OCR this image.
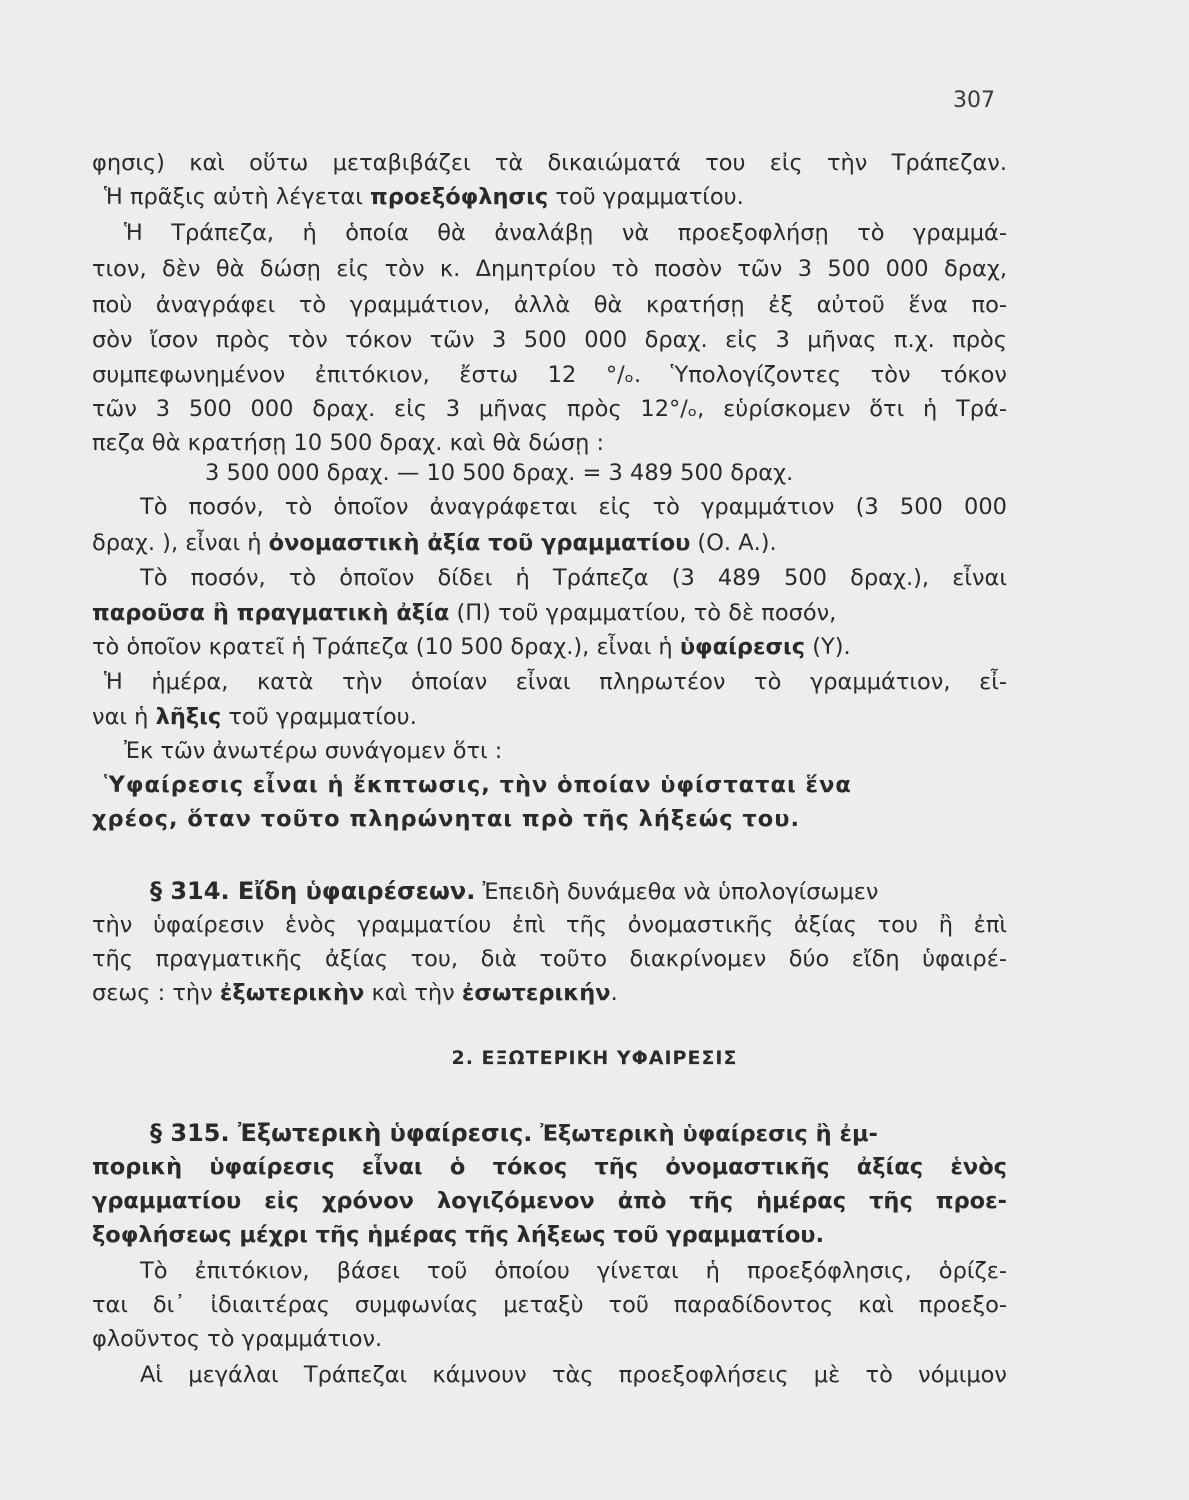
307
φησις) καὶ οὕτω μεταβιβάζει τὰ δικαιώματά του εἰς τὴν Τράπεζαν.
Ἡ πρᾶξις αὐτὴ λέγεται προεξόφλησις τοῦ γραμματίου.
Ἡ Τράπεζα, ἡ ὁποία θὰ ἀναλάβῃ νὰ προεξοφλήσῃ τὸ γραμμά-
τιον, δὲν θὰ δώσῃ εἰς τὸν κ. Δημητρίου τὸ ποσὸν τῶν 3 500 000 δραχ,
ποὺ ἀναγράφει τὸ γραμμάτιον, ἀλλὰ θὰ κρατήσῃ ἐξ αὐτοῦ ἕνα πο-
σὸν ἴσον πρὸς τὸν τόκον τῶν 3 500 000 δραχ. εἰς 3 μῆνας π.χ. πρὸς
συμπεφωνημένον ἐπιτόκιον, ἔστω 12 °/ₒ. Ὑπολογίζοντες τὸν τόκον
τῶν 3 500 000 δραχ. εἰς 3 μῆνας πρὸς 12°/ₒ, εὑρίσκομεν ὅτι ἡ Τρά-
πεζα θὰ κρατήσῃ 10 500 δραχ. καὶ θὰ δώσῃ :
3 500 000 δραχ. — 10 500 δραχ. = 3 489 500 δραχ.
Τὸ ποσόν, τὸ ὁποῖον ἀναγράφεται εἰς τὸ γραμμάτιον (3 500 000
δραχ. ), εἶναι ἡ ὀνομαστικὴ ἀξία τοῦ γραμματίου (Ο. Α.).
Τὸ ποσόν, τὸ ὁποῖον δίδει ἡ Τράπεζα (3 489 500 δραχ.), εἶναι
παροῦσα ἢ πραγματικὴ ἀξία (Π) τοῦ γραμματίου, τὸ δὲ ποσόν,
τὸ ὁποῖον κρατεῖ ἡ Τράπεζα (10 500 δραχ.), εἶναι ἡ ὑφαίρεσις (Υ).
Ἡ ἡμέρα, κατὰ τὴν ὁποίαν εἶναι πληρωτέον τὸ γραμμάτιον, εἶ-
ναι ἡ λῆξις τοῦ γραμματίου.
Ἐκ τῶν ἀνωτέρω συνάγομεν ὅτι :
Ὑφαίρεσις εἶναι ἡ ἔκπτωσις, τὴν ὁποίαν ὑφίσταται ἕνα
χρέος, ὅταν τοῦτο πληρώνηται πρὸ τῆς λήξεώς του.
§ 314. Εἴδη ὑφαιρέσεων. Ἐπειδὴ δυνάμεθα νὰ ὑπολογίσωμεν
τὴν ὑφαίρεσιν ἑνὸς γραμματίου ἐπὶ τῆς ὀνομαστικῆς ἀξίας του ἢ ἐπὶ
τῆς πραγματικῆς ἀξίας του, διὰ τοῦτο διακρίνομεν δύο εἴδη ὑφαιρέ-
σεως : τὴν ἐξωτερικὴν καὶ τὴν ἐσωτερικήν.
2. ΕΞΩΤΕΡΙΚΗ ΥΦΑΙΡΕΣΙΣ
§ 315. Ἐξωτερικὴ ὑφαίρεσις. Ἐξωτερικὴ ὑφαίρεσις ἢ ἐμ-
πορικὴ ὑφαίρεσις εἶναι ὁ τόκος τῆς ὀνομαστικῆς ἀξίας ἑνὸς
γραμματίου εἰς χρόνον λογιζόμενον ἀπὸ τῆς ἡμέρας τῆς προε-
ξοφλήσεως μέχρι τῆς ἡμέρας τῆς λήξεως τοῦ γραμματίου.
Τὸ ἐπιτόκιον, βάσει τοῦ ὁποίου γίνεται ἡ προεξόφλησις, ὁρίζε-
ται δι᾽ ἰδιαιτέρας συμφωνίας μεταξὺ τοῦ παραδίδοντος καὶ προεξο-
φλοῦντος τὸ γραμμάτιον.
Αἱ μεγάλαι Τράπεζαι κάμνουν τὰς προεξοφλήσεις μὲ τὸ νόμιμον
